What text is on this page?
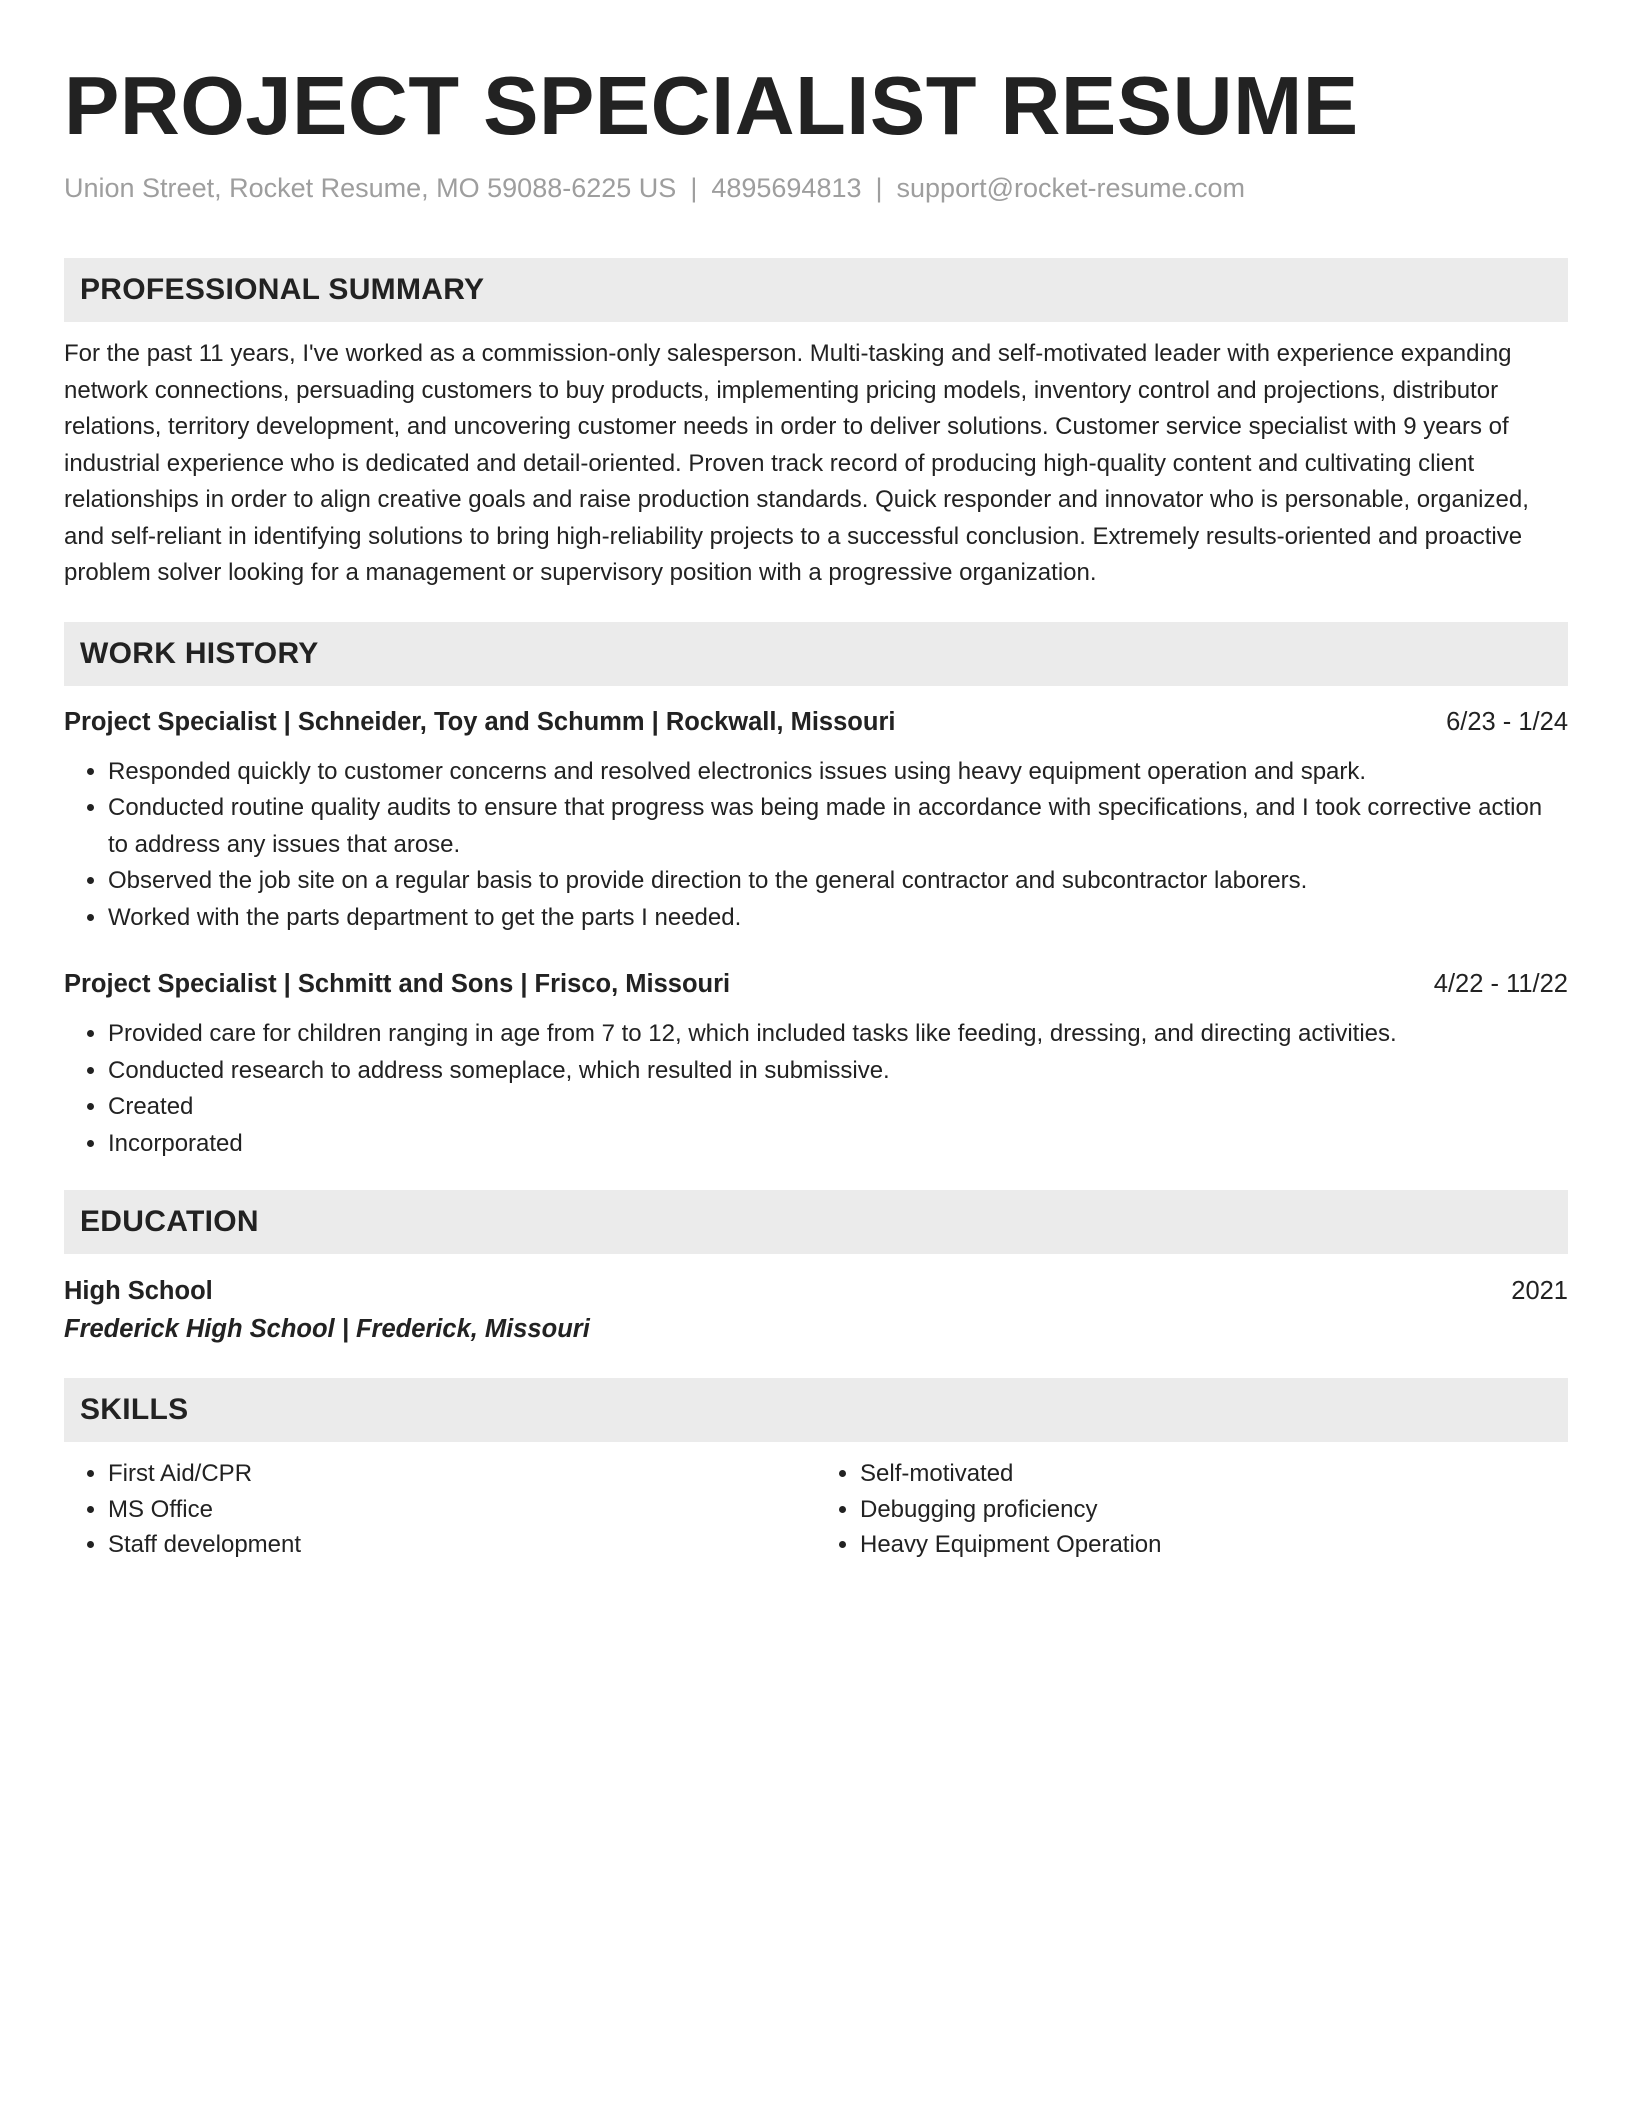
PROJECT SPECIALIST RESUME
Union Street, Rocket Resume, MO 59088-6225 US | 4895694813 | support@rocket-resume.com
PROFESSIONAL SUMMARY

For the past 11 years, I've worked as a commission-only salesperson. Multi-tasking and self-motivated leader with experience expanding network connections, persuading customers to buy products, implementing pricing models, inventory control and projections, distributor relations, territory development, and uncovering customer needs in order to deliver solutions. Customer service specialist with 9 years of industrial experience who is dedicated and detail-oriented. Proven track record of producing high-quality content and cultivating client relationships in order to align creative goals and raise production standards. Quick responder and innovator who is personable, organized, and self-reliant in identifying solutions to bring high-reliability projects to a successful conclusion. Extremely results-oriented and proactive problem solver looking for a management or supervisory position with a progressive organization.

WORK HISTORY
Project Specialist | Schneider, Toy and Schumm | Rockwall, Missouri	6/23 - 1/24
• Responded quickly to customer concerns and resolved electronics issues using heavy equipment operation and spark.
• Conducted routine quality audits to ensure that progress was being made in accordance with specifications, and I took corrective action to address any issues that arose.
• Observed the job site on a regular basis to provide direction to the general contractor and subcontractor laborers.
• Worked with the parts department to get the parts I needed.
Project Specialist | Schmitt and Sons | Frisco, Missouri	4/22 - 11/22
• Provided care for children ranging in age from 7 to 12, which included tasks like feeding, dressing, and directing activities.
• Conducted research to address someplace, which resulted in submissive.
• Created
• Incorporated
EDUCATION
High School	2021
Frederick High School | Frederick, Missouri
SKILLS
• First Aid/CPR
• MS Office
• Staff development
• Self-motivated
• Debugging proficiency
• Heavy Equipment Operation
